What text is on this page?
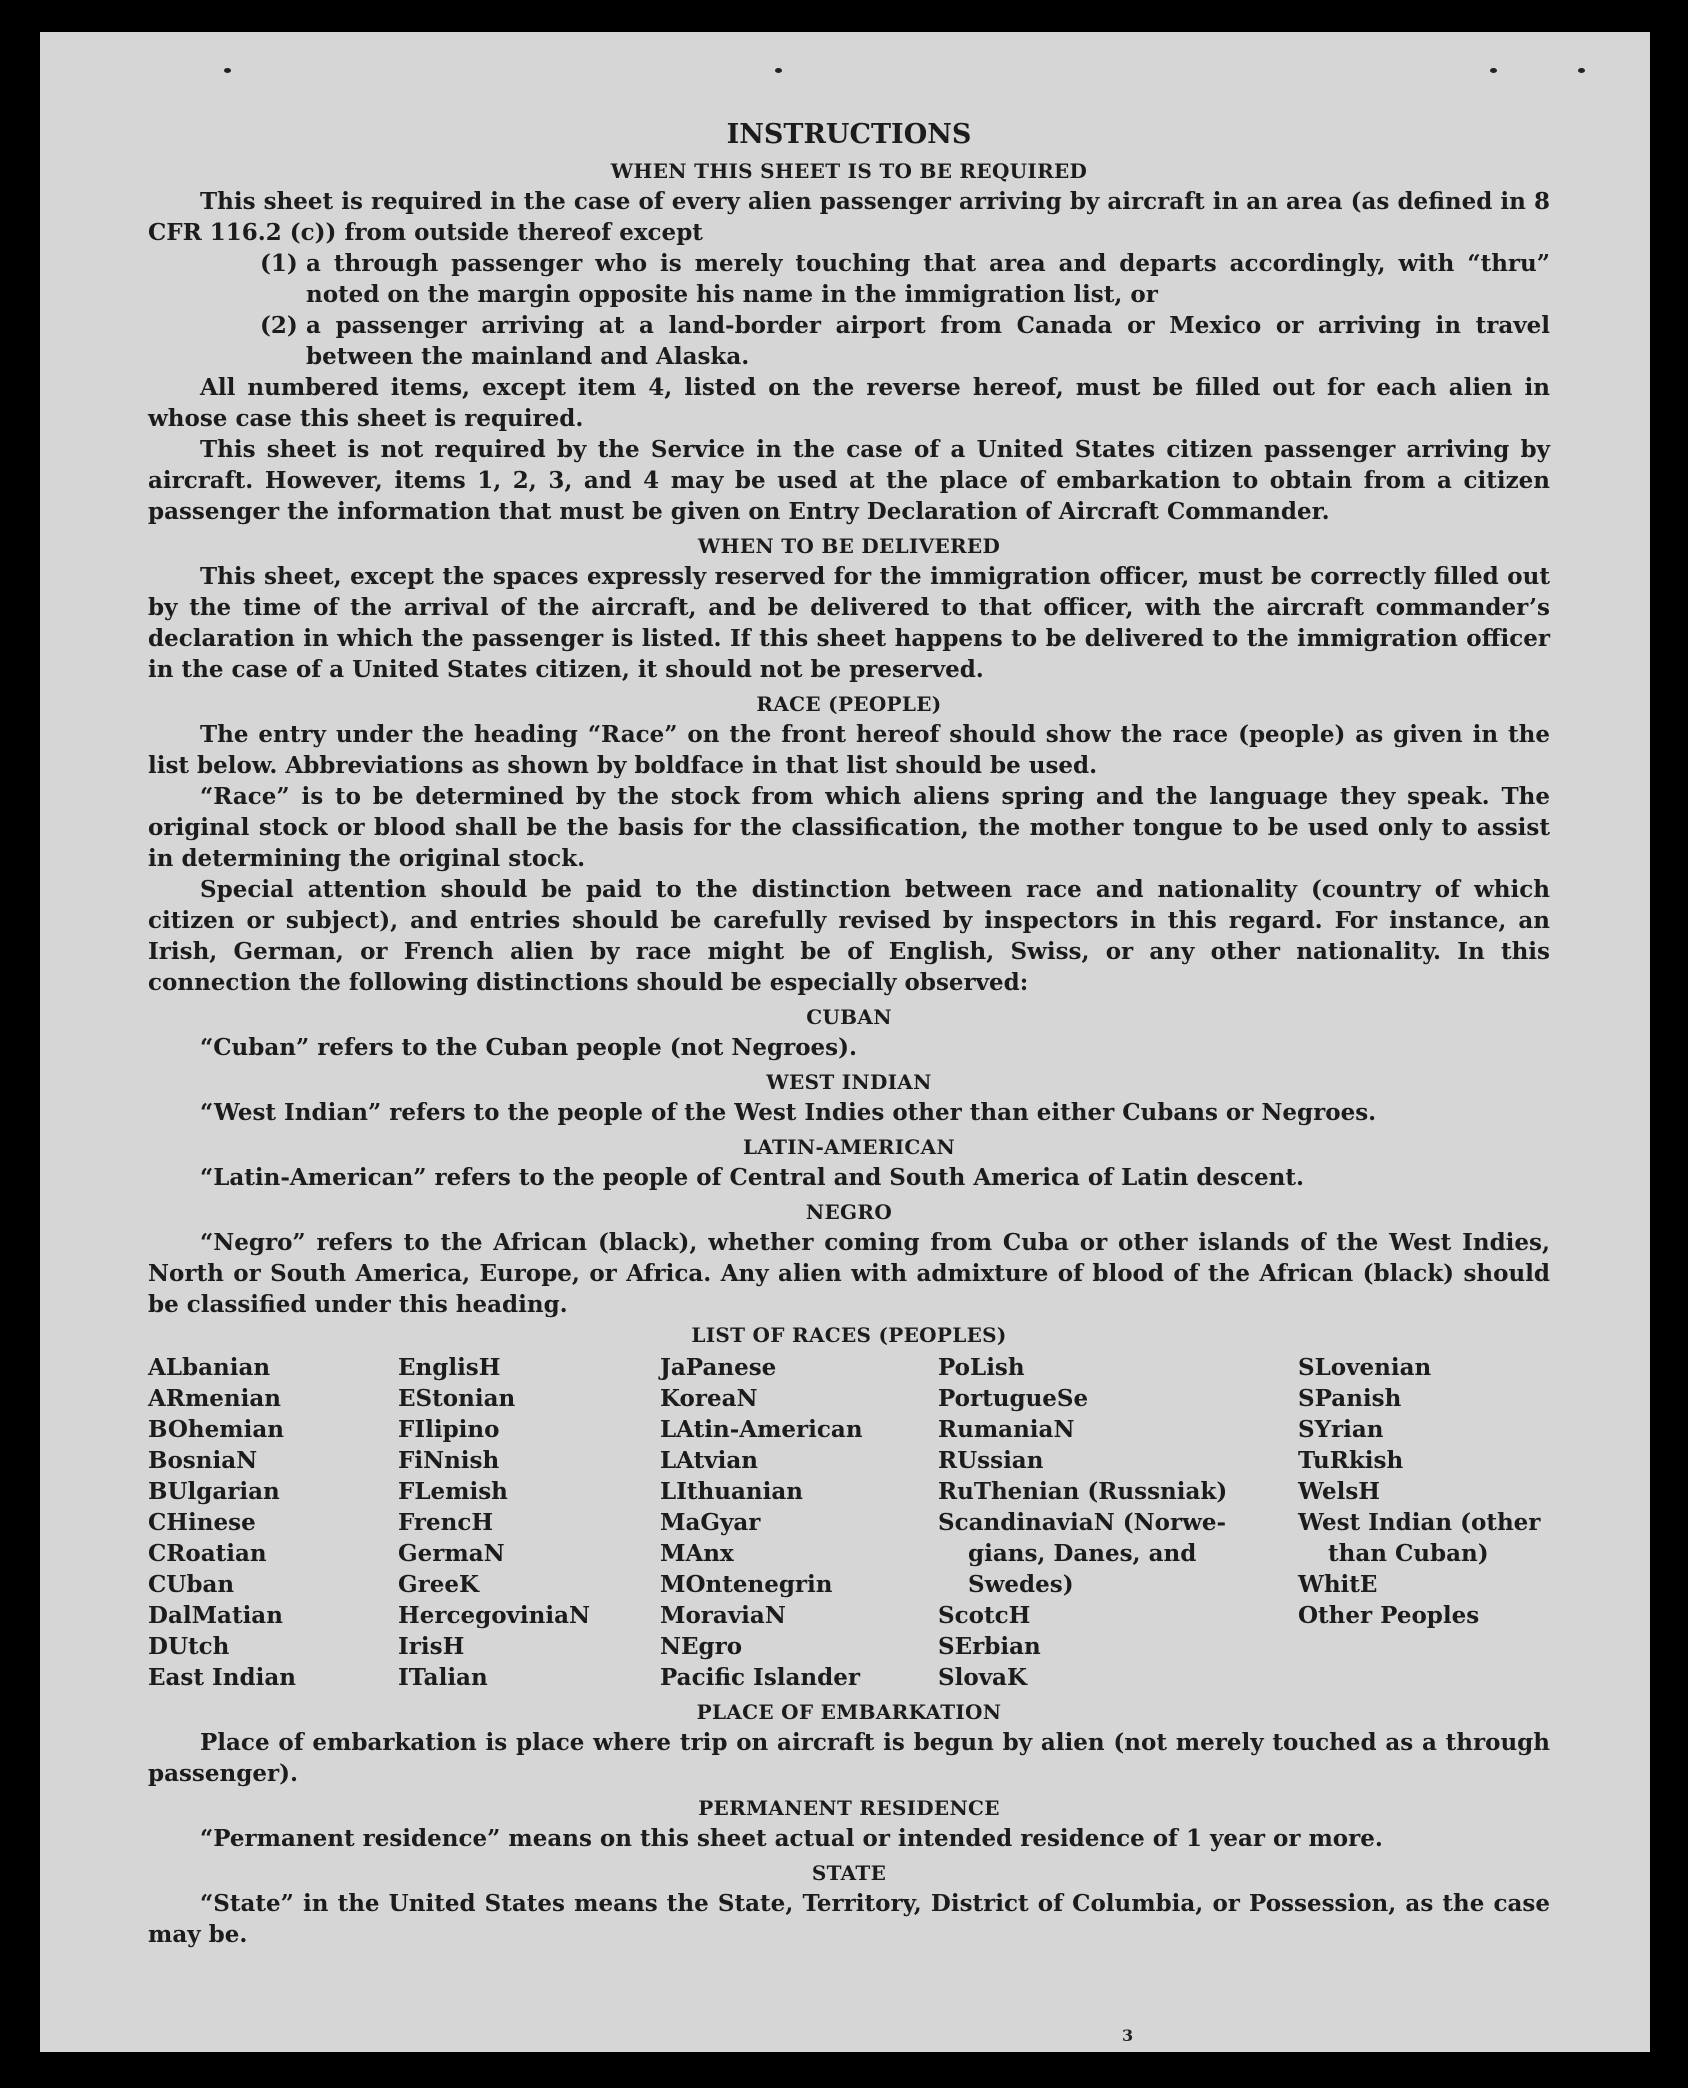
INSTRUCTIONS
WHEN THIS SHEET IS TO BE REQUIRED

This sheet is required in the case of every alien passenger arriving by aircraft in an area (as defined in 8 CFR 116.2 (c)) from outside thereof except

(1) a through passenger who is merely touching that area and departs accordingly, with “thru” noted on the margin opposite his name in the immigration list, or
(2) a passenger arriving at a land-border airport from Canada or Mexico or arriving in travel between the mainland and Alaska.

All numbered items, except item 4, listed on the reverse hereof, must be filled out for each alien in whose case this sheet is required.

This sheet is not required by the Service in the case of a United States citizen passenger arriving by aircraft. However, items 1, 2, 3, and 4 may be used at the place of embarkation to obtain from a citizen passenger the information that must be given on Entry Declaration of Aircraft Commander.

WHEN TO BE DELIVERED

This sheet, except the spaces expressly reserved for the immigration officer, must be correctly filled out by the time of the arrival of the aircraft, and be delivered to that officer, with the aircraft commander’s declaration in which the passenger is listed. If this sheet happens to be delivered to the immigration officer in the case of a United States citizen, it should not be preserved.

RACE (PEOPLE)

The entry under the heading “Race” on the front hereof should show the race (people) as given in the list below. Abbreviations as shown by boldface in that list should be used.

“Race” is to be determined by the stock from which aliens spring and the language they speak. The original stock or blood shall be the basis for the classification, the mother tongue to be used only to assist in determining the original stock.

Special attention should be paid to the distinction between race and nationality (country of which citizen or subject), and entries should be carefully revised by inspectors in this regard. For instance, an Irish, German, or French alien by race might be of English, Swiss, or any other nationality. In this connection the following distinctions should be especially observed:

CUBAN

“Cuban” refers to the Cuban people (not Negroes).

WEST INDIAN

“West Indian” refers to the people of the West Indies other than either Cubans or Negroes.

LATIN-AMERICAN

“Latin-American” refers to the people of Central and South America of Latin descent.

NEGRO

“Negro” refers to the African (black), whether coming from Cuba or other islands of the West Indies, North or South America, Europe, or Africa. Any alien with admixture of blood of the African (black) should be classified under this heading.

LIST OF RACES (PEOPLES)
ALbanian
ARmenian
BOhemian
BosniaN
BUlgarian
CHinese
CRoatian
CUban
DalMatian
DUtch
East Indian
EnglisH
EStonian
FIlipino
FiNnish
FLemish
FrencH
GermaN
GreeK
HercegoviniaN
IrisH
ITalian
JaPanese
KoreaN
LAtin-American
LAtvian
LIthuanian
MaGyar
MAnx
MOntenegrin
MoraviaN
NEgro
Pacific Islander
PoLish
PortugueSe
RumaniaN
RUssian
RuThenian (Russniak)
ScandinaviaN (Norwe-
gians, Danes, and
Swedes)
ScotcH
SErbian
SlovaK
SLovenian
SPanish
SYrian
TuRkish
WelsH
West Indian (other
than Cuban)
WhitE
Other Peoples
PLACE OF EMBARKATION

Place of embarkation is place where trip on aircraft is begun by alien (not merely touched as a through passenger).

PERMANENT RESIDENCE

“Permanent residence” means on this sheet actual or intended residence of 1 year or more.

STATE

“State” in the United States means the State, Territory, District of Columbia, or Possession, as the case may be.

3
